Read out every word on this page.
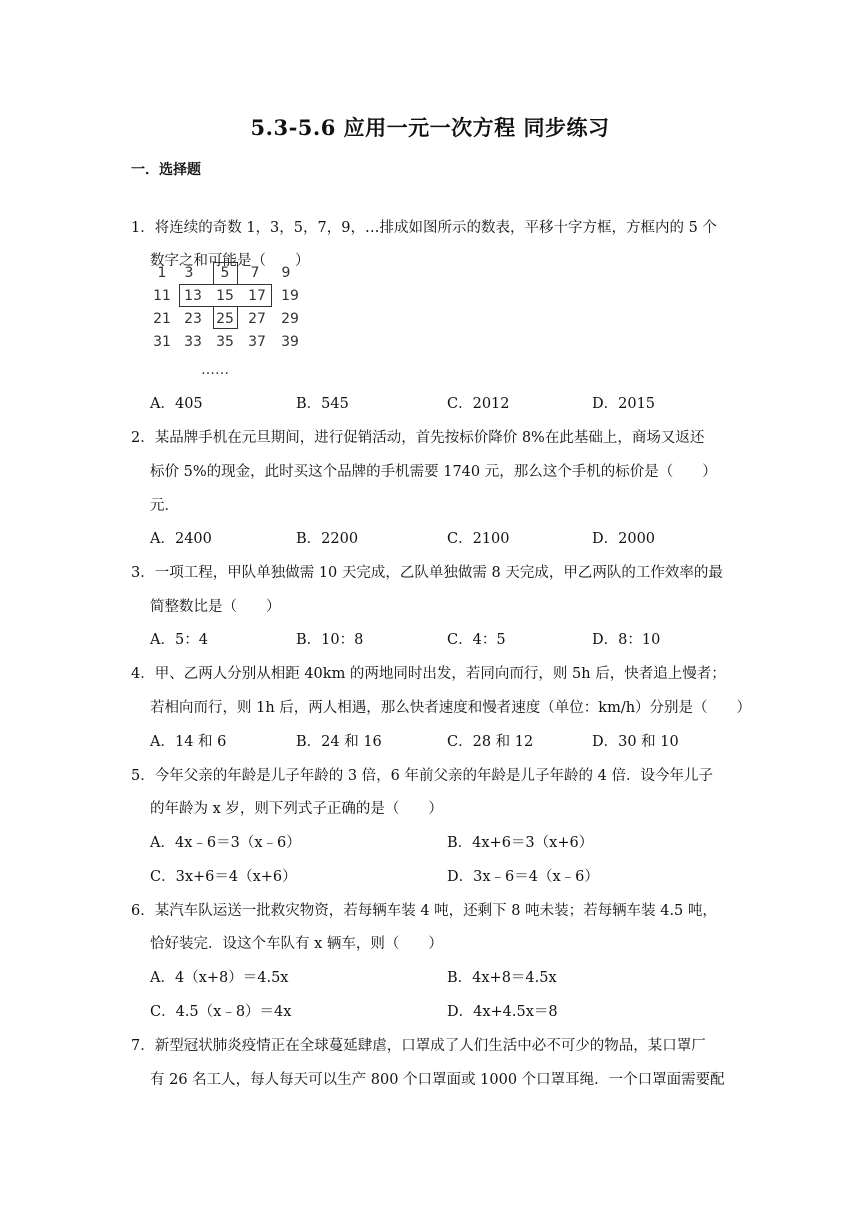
5.3-5.6 应用一元一次方程 同步练习
一．选择题
1．将连续的奇数 1，3，5，7，9，…排成如图所示的数表，平移十字方框，方框内的 5 个
数字之和可能是（　　）
1	3	5	7	9
11 13 15 17 19
21 23 25 27 29
31 33 35 37 39
……
A．405	B．545	C．2012	D．2015
2．某品牌手机在元旦期间，进行促销活动，首先按标价降价 8%在此基础上，商场又返还
标价 5%的现金，此时买这个品牌的手机需要 1740 元，那么这个手机的标价是（　　）
元．
A．2400	B．2200	C．2100	D．2000
3．一项工程，甲队单独做需 10 天完成，乙队单独做需 8 天完成，甲乙两队的工作效率的最
简整数比是（　　）
A．5：4	B．10：8	C．4：5	D．8：10
4．甲、乙两人分别从相距 40km 的两地同时出发，若同向而行，则 5h 后，快者追上慢者；
若相向而行，则 1h 后，两人相遇，那么快者速度和慢者速度（单位：km/h）分别是（　　）
A．14 和 6	B．24 和 16	C．28 和 12	D．30 和 10
5．今年父亲的年龄是儿子年龄的 3 倍，6 年前父亲的年龄是儿子年龄的 4 倍．设今年儿子
的年龄为 x 岁，则下列式子正确的是（　　）
A．4x﹣6＝3（x﹣6）	B．4x+6＝3（x+6）
C．3x+6＝4（x+6）	D．3x﹣6＝4（x﹣6）
6．某汽车队运送一批救灾物资，若每辆车装 4 吨，还剩下 8 吨未装；若每辆车装 4.5 吨，
恰好装完．设这个车队有 x 辆车，则（　　）
A．4（x+8）＝4.5x	B．4x+8＝4.5x
C．4.5（x﹣8）＝4x	D．4x+4.5x＝8
7．新型冠状肺炎疫情正在全球蔓延肆虐，口罩成了人们生活中必不可少的物品，某口罩厂
有 26 名工人，每人每天可以生产 800 个口罩面或 1000 个口罩耳绳．一个口罩面需要配
